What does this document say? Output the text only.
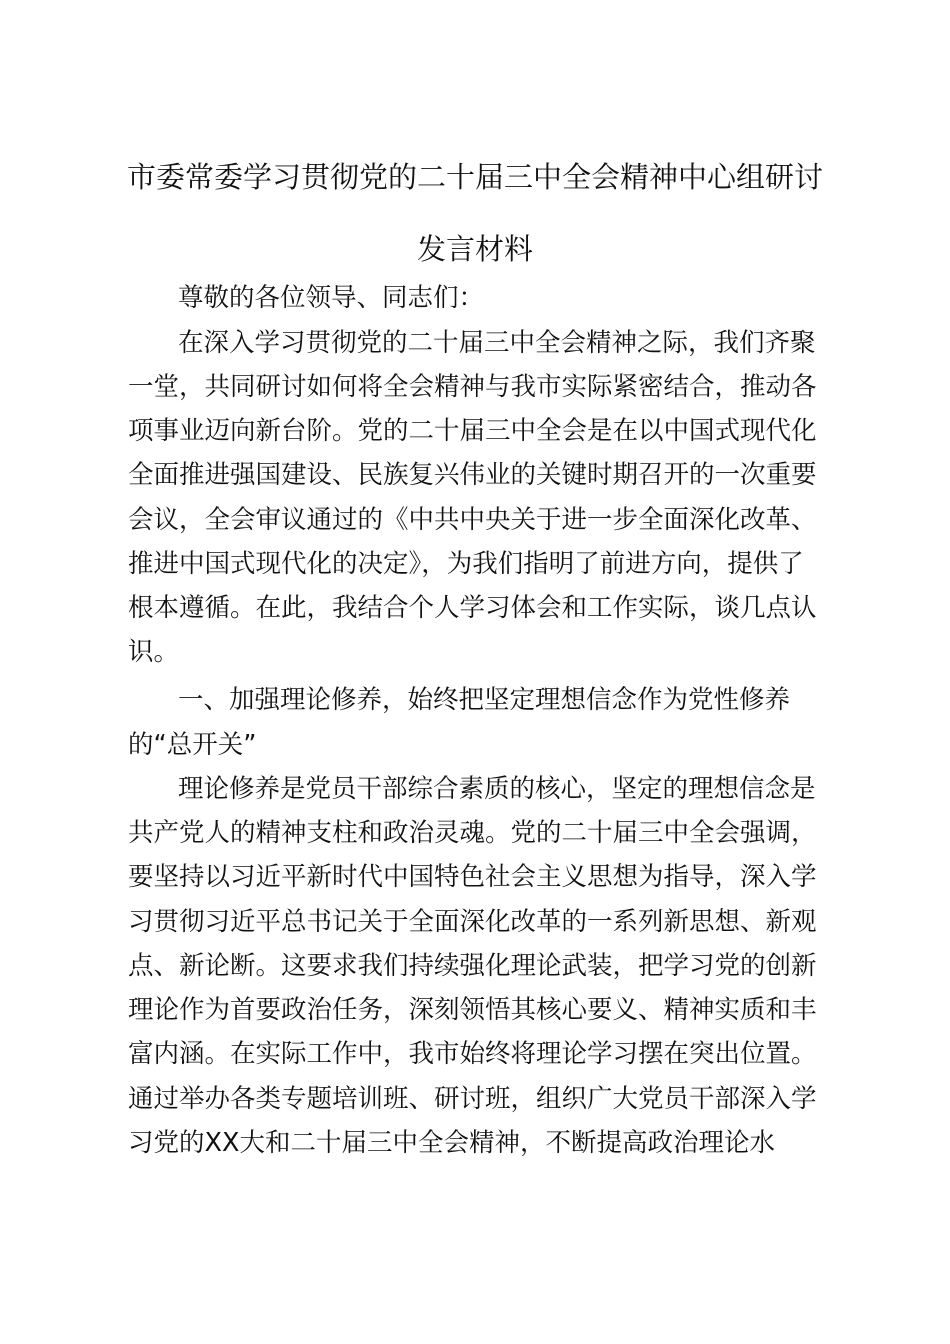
市委常委学习贯彻党的二十届三中全会精神中心组研讨
发言材料
尊敬的各位领导、同志们：
在深入学习贯彻党的二十届三中全会精神之际，我们齐聚
一堂，共同研讨如何将全会精神与我市实际紧密结合，推动各
项事业迈向新台阶。党的二十届三中全会是在以中国式现代化
全面推进强国建设、民族复兴伟业的关键时期召开的一次重要
会议，全会审议通过的《中共中央关于进一步全面深化改革、
推进中国式现代化的决定》，为我们指明了前进方向，提供了
根本遵循。在此，我结合个人学习体会和工作实际，谈几点认
识。
一、加强理论修养，始终把坚定理想信念作为党性修养
的“总开关”
理论修养是党员干部综合素质的核心，坚定的理想信念是
共产党人的精神支柱和政治灵魂。党的二十届三中全会强调，
要坚持以习近平新时代中国特色社会主义思想为指导，深入学
习贯彻习近平总书记关于全面深化改革的一系列新思想、新观
点、新论断。这要求我们持续强化理论武装，把学习党的创新
理论作为首要政治任务，深刻领悟其核心要义、精神实质和丰
富内涵。在实际工作中，我市始终将理论学习摆在突出位置。
通过举办各类专题培训班、研讨班，组织广大党员干部深入学
习党的XX大和二十届三中全会精神，不断提高政治理论水
